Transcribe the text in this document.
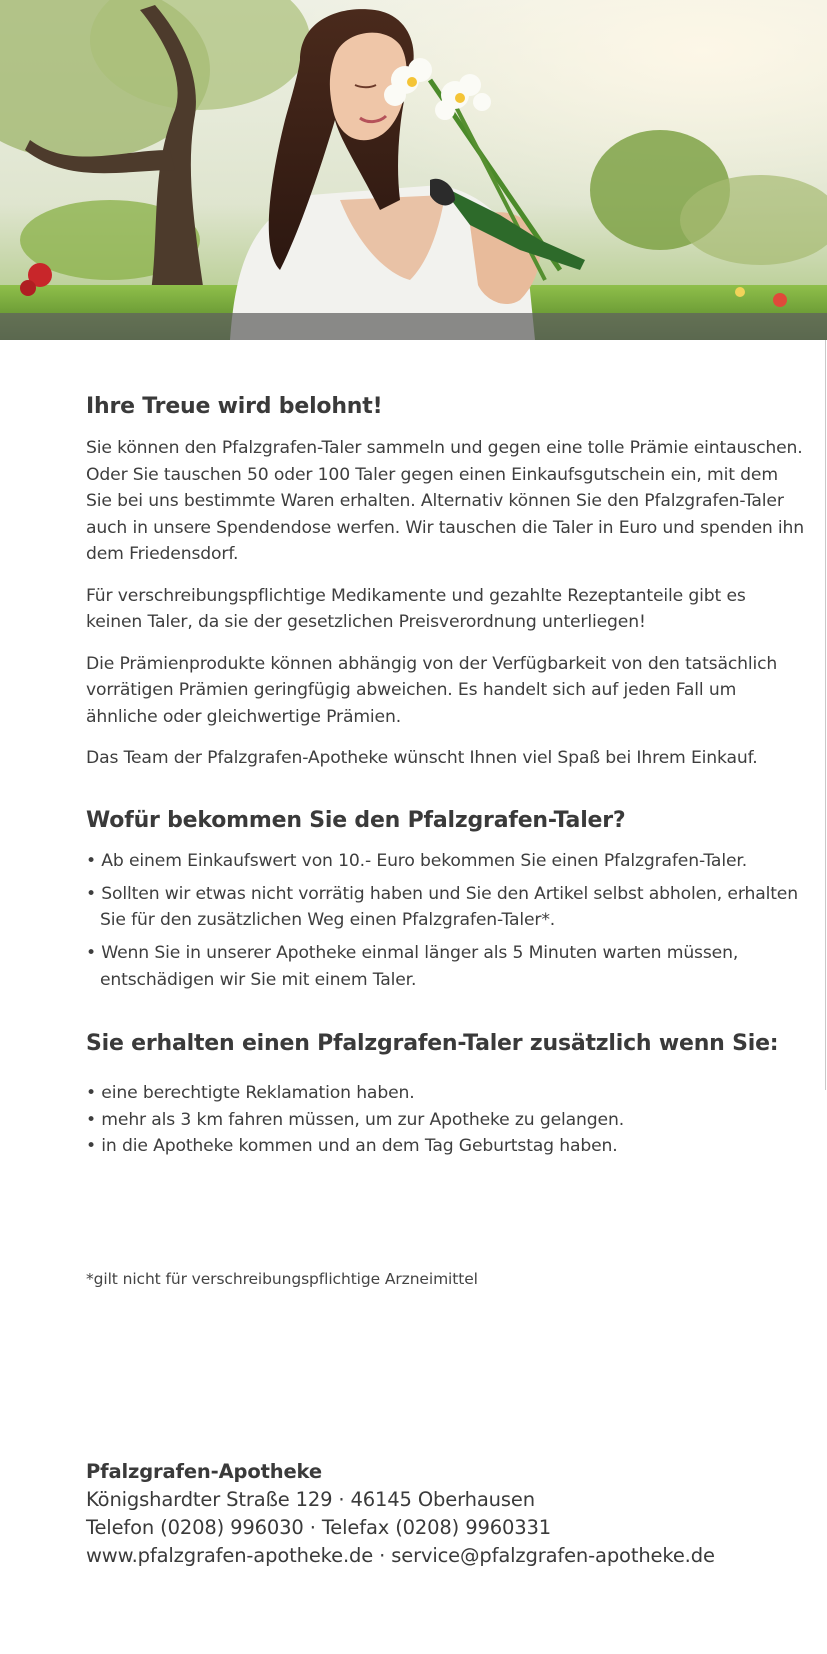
Ihre Treue wird belohnt!

Sie können den Pfalzgrafen-Taler sammeln und gegen eine tolle Prämie eintauschen. Oder Sie tauschen 50 oder 100 Taler gegen einen Einkaufsgutschein ein, mit dem Sie bei uns bestimmte Waren erhalten. Alternativ können Sie den Pfalzgrafen-Taler auch in unsere Spendendose werfen. Wir tauschen die Taler in Euro und spenden ihn dem Friedensdorf.

Für verschreibungspflichtige Medikamente und gezahlte Rezeptanteile gibt es keinen Taler, da sie der gesetzlichen Preisverordnung unterliegen!

Die Prämienprodukte können abhängig von der Verfügbarkeit von den tatsächlich vorrätigen Prämien geringfügig abweichen. Es handelt sich auf jeden Fall um ähnliche oder gleichwertige Prämien.

Das Team der Pfalzgrafen-Apotheke wünscht Ihnen viel Spaß bei Ihrem Einkauf.

Wofür bekommen Sie den Pfalzgrafen-Taler?
• Ab einem Einkaufswert von 10.- Euro bekommen Sie einen Pfalzgrafen-Taler.
• Sollten wir etwas nicht vorrätig haben und Sie den Artikel selbst abholen, erhalten Sie für den zusätzlichen Weg einen Pfalzgrafen-Taler*.
• Wenn Sie in unserer Apotheke einmal länger als 5 Minuten warten müssen, entschädigen wir Sie mit einem Taler.
Sie erhalten einen Pfalzgrafen-Taler zusätzlich wenn Sie:
• eine berechtigte Reklamation haben.
• mehr als 3 km fahren müssen, um zur Apotheke zu gelangen.
• in die Apotheke kommen und an dem Tag Geburtstag haben.
*gilt nicht für verschreibungspflichtige Arzneimittel
Pfalzgrafen-Apotheke
Königshardter Straße 129 · 46145 Oberhausen
Telefon (0208) 996030 · Telefax (0208) 9960331
www.pfalzgrafen-apotheke.de · service@pfalzgrafen-apotheke.de
